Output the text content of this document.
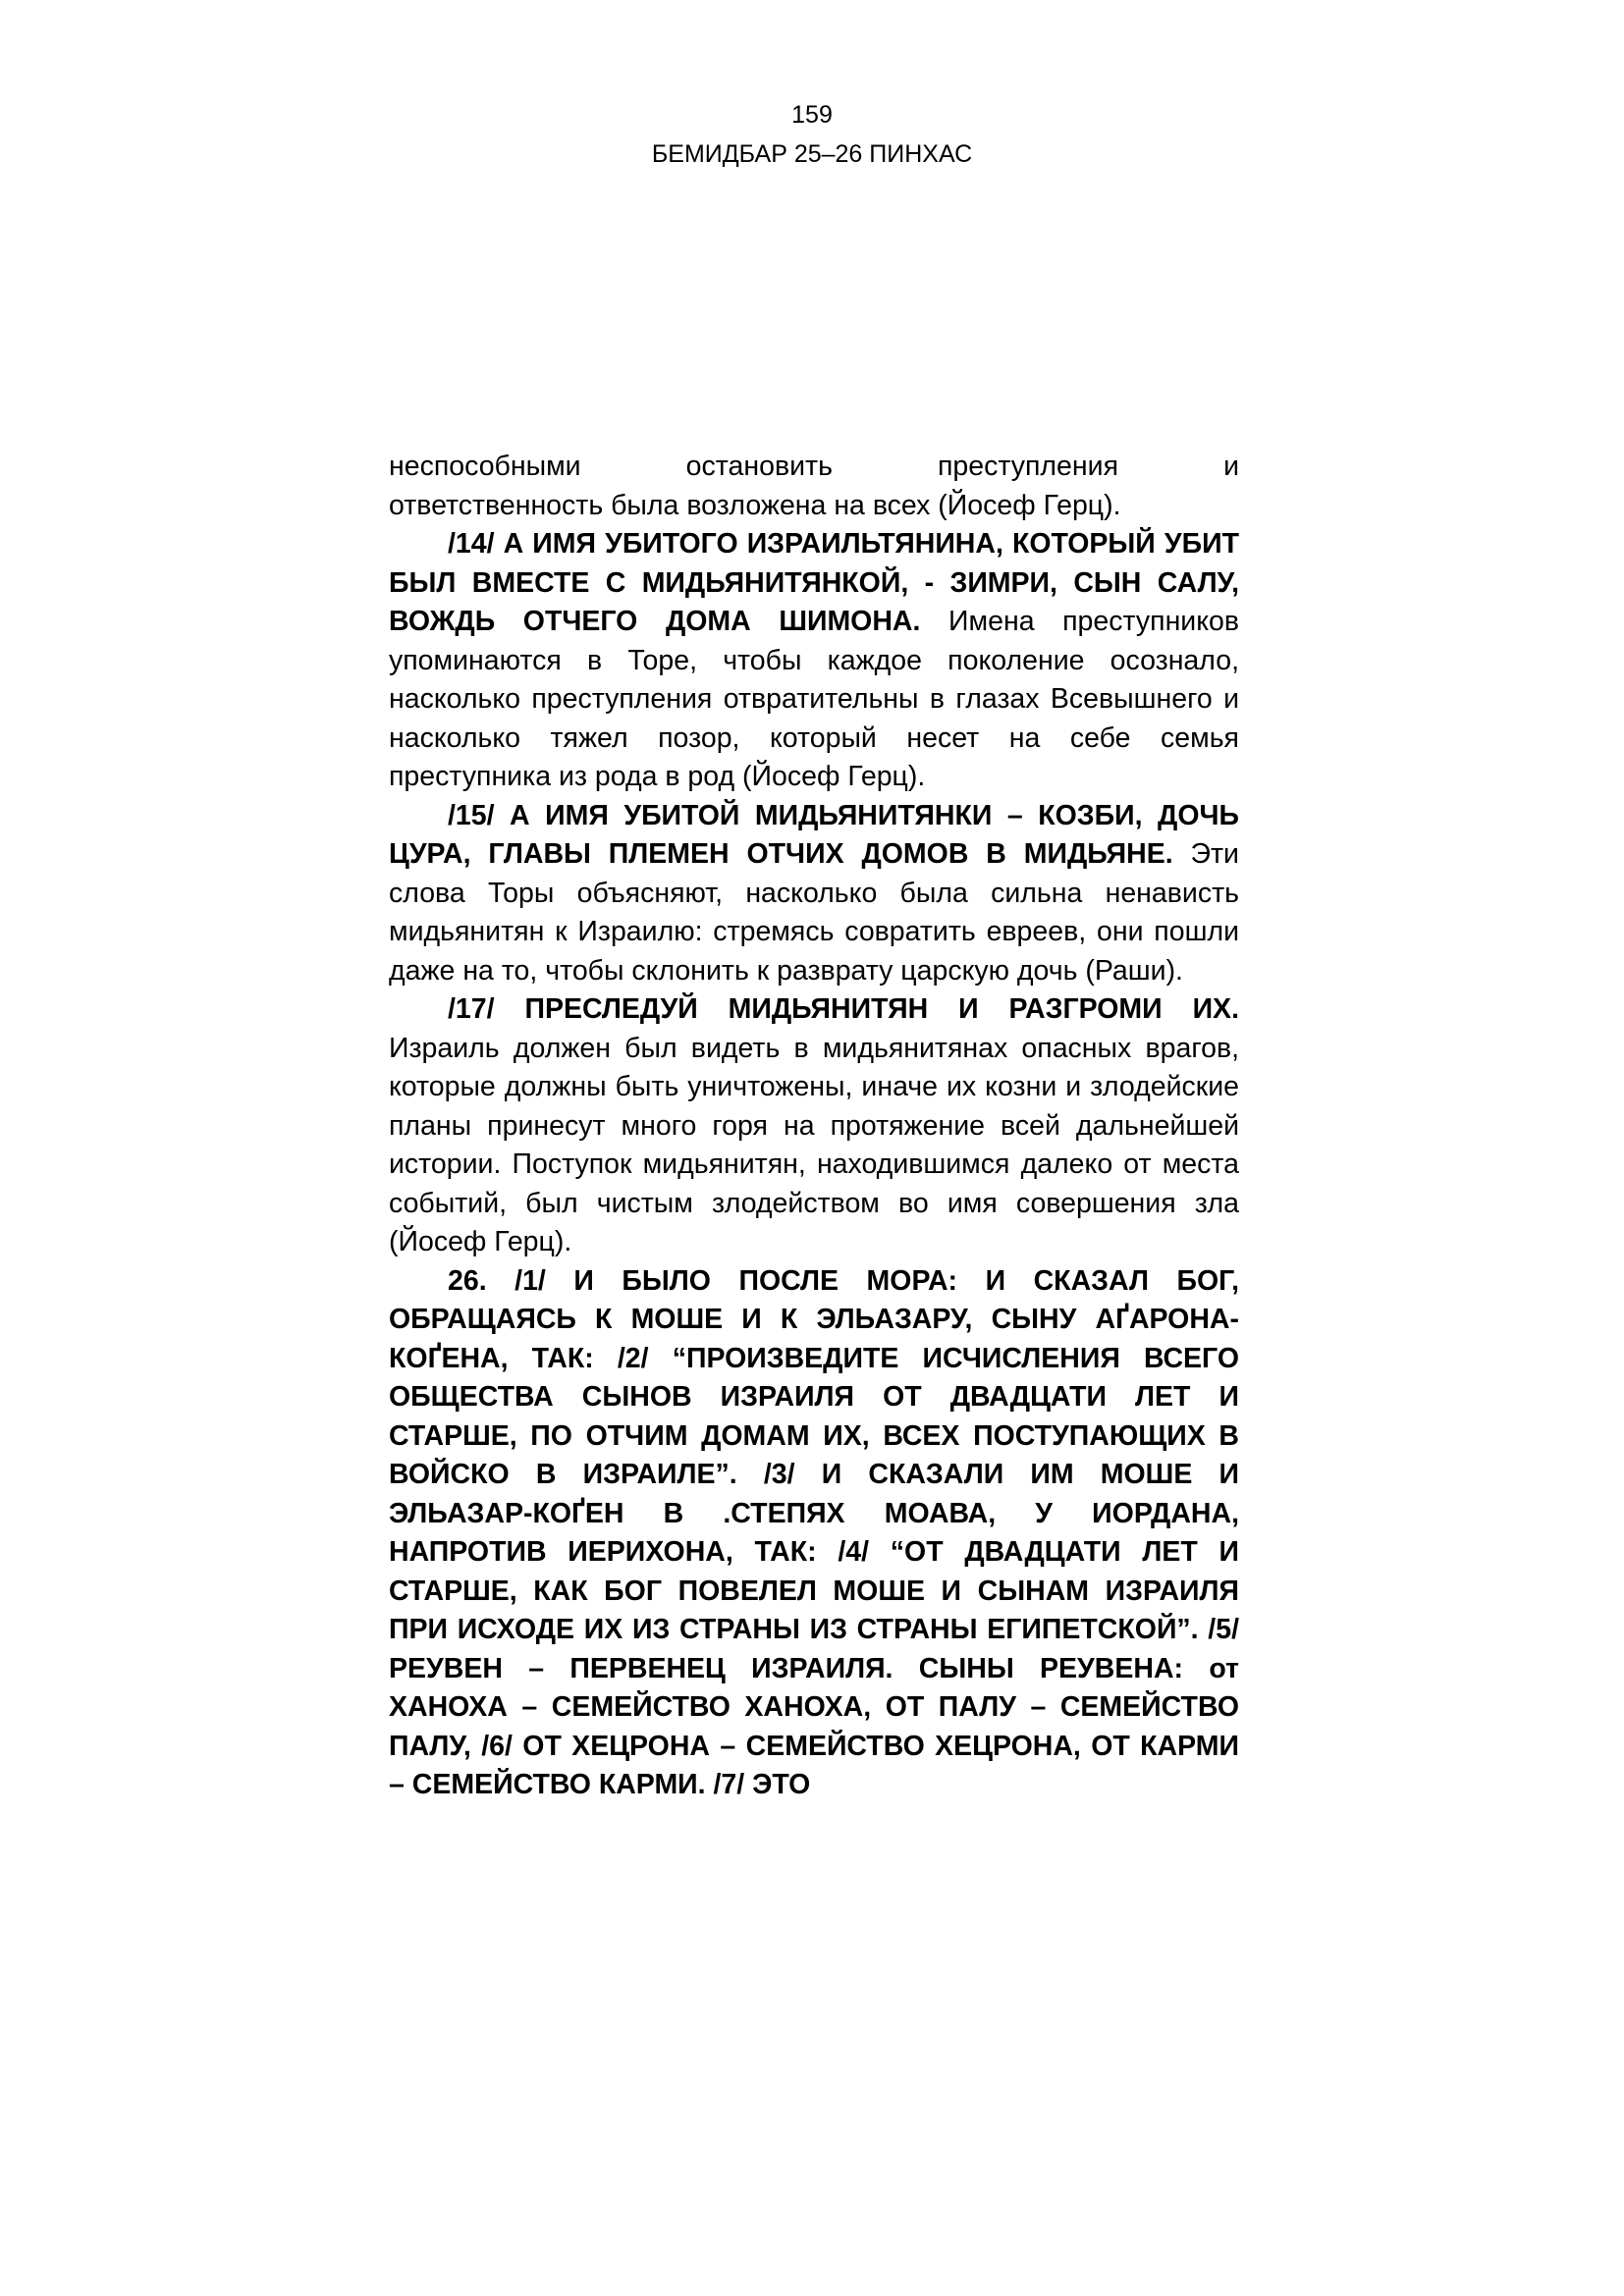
159
БЕМИДБАР 25–26 ПИНХАС

неспособными остановить преступления и
ответственность была возложена на всех (Йосеф Герц).

/14/ А ИМЯ УБИТОГО ИЗРАИЛЬТЯНИНА, КОТОРЫЙ УБИТ БЫЛ ВМЕСТЕ С МИДЬЯНИТЯНКОЙ, - ЗИМРИ, СЫН САЛУ, ВОЖДЬ ОТЧЕГО ДОМА ШИМОНА. Имена преступников упоминаются в Торе, чтобы каждое поколение осознало, насколько преступления отвратительны в глазах Всевышнего и насколько тяжел позор, который несет на себе семья преступника из рода в род (Йосеф Герц).

/15/ А ИМЯ УБИТОЙ МИДЬЯНИТЯНКИ – КОЗБИ, ДОЧЬ ЦУРА, ГЛАВЫ ПЛЕМЕН ОТЧИХ ДОМОВ В МИДЬЯНЕ. Эти слова Торы объясняют, насколько была сильна ненависть мидьянитян к Израилю: стремясь совратить евреев, они пошли даже на то, чтобы склонить к разврату царскую дочь (Раши).

/17/ ПРЕСЛЕДУЙ МИДЬЯНИТЯН И РАЗГРОМИ ИХ. Израиль должен был видеть в мидьянитянах опасных врагов, которые должны быть уничтожены, иначе их козни и злодейские планы принесут много горя на протяжение всей дальнейшей истории. Поступок мидьянитян, находившимся далеко от места событий, был чистым злодейством во имя совершения зла (Йосеф Герц).

26. /1/ И БЫЛО ПОСЛЕ МОРА: И СКАЗАЛ БОГ, ОБРАЩАЯСЬ К МОШЕ И К ЭЛЬАЗАРУ, СЫНУ АҐАРОНА-КОҐЕНА, ТАК: /2/ “ПРОИЗВЕДИТЕ ИСЧИСЛЕНИЯ ВСЕГО ОБЩЕСТВА СЫНОВ ИЗРАИЛЯ ОТ ДВАДЦАТИ ЛЕТ И СТАРШЕ, ПО ОТЧИМ ДОМАМ ИХ, ВСЕХ ПОСТУПАЮЩИХ В ВОЙСКО В ИЗРАИЛЕ”. /3/ И СКАЗАЛИ ИМ МОШЕ И ЭЛЬАЗАР-КОҐЕН В .СТЕПЯХ МОАВА, У ИОРДАНА, НАПРОТИВ ИЕРИХОНА, ТАК: /4/ “ОТ ДВАДЦАТИ ЛЕТ И СТАРШЕ, КАК БОГ ПОВЕЛЕЛ МОШЕ И СЫНАМ ИЗРАИЛЯ ПРИ ИСХОДЕ ИХ ИЗ СТРАНЫ ИЗ СТРАНЫ ЕГИПЕТСКОЙ”. /5/ РЕУВЕН – ПЕРВЕНЕЦ ИЗРАИЛЯ. СЫНЫ РЕУВЕНА: от ХАНОХА – СЕМЕЙСТВО ХАНОХА, ОТ ПАЛУ – СЕМЕЙСТВО ПАЛУ, /6/ ОТ ХЕЦРОНА – СЕМЕЙСТВО ХЕЦРОНА, ОТ КАРМИ – СЕМЕЙСТВО КАРМИ. /7/ ЭТО
